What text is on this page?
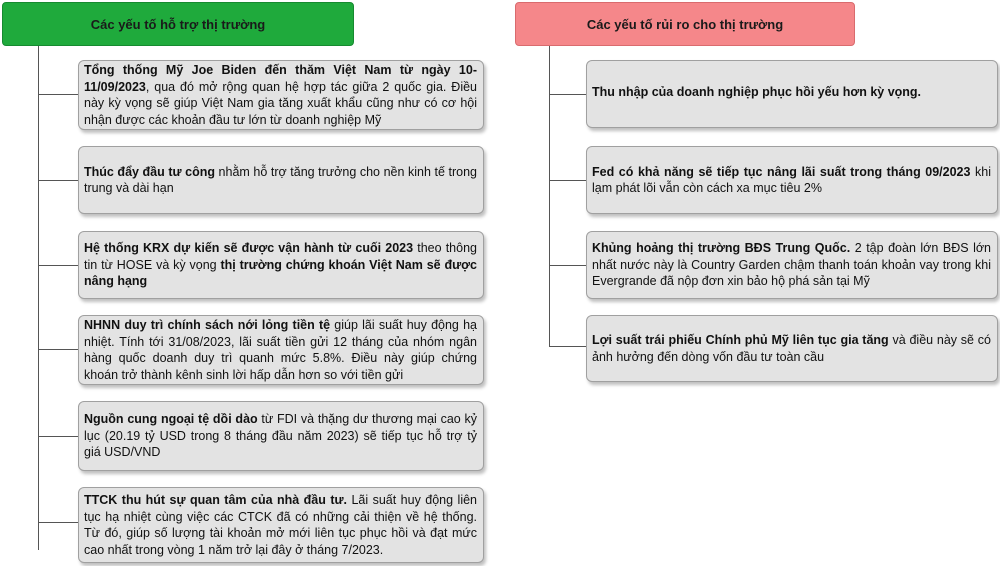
Các yếu tố hỗ trợ thị trường	Các yếu tố rủi ro cho thị trường
Tổng thống Mỹ Joe Biden đến thăm Việt Nam từ ngày 10-11/09/2023, qua đó mở rộng quan hệ hợp tác giữa 2 quốc gia. Điều này kỳ vọng sẽ giúp Việt Nam gia tăng xuất khẩu cũng như có cơ hội nhận được các khoản đầu tư lớn từ doanh nghiệp Mỹ
Thúc đẩy đầu tư công nhằm hỗ trợ tăng trưởng cho nền kinh tế trong trung và dài hạn
Hệ thống KRX dự kiến sẽ được vận hành từ cuối 2023 theo thông tin từ HOSE và kỳ vọng thị trường chứng khoán Việt Nam sẽ được nâng hạng
NHNN duy trì chính sách nới lỏng tiền tệ giúp lãi suất huy động hạ nhiệt. Tính tới 31/08/2023, lãi suất tiền gửi 12 tháng của nhóm ngân hàng quốc doanh duy trì quanh mức 5.8%. Điều này giúp chứng khoán trở thành kênh sinh lời hấp dẫn hơn so với tiền gửi
Nguồn cung ngoại tệ dồi dào từ FDI và thặng dư thương mại cao kỷ lục (20.19 tỷ USD trong 8 tháng đầu năm 2023) sẽ tiếp tục hỗ trợ tỷ giá USD/VND
TTCK thu hút sự quan tâm của nhà đầu tư. Lãi suất huy động liên tục hạ nhiệt cùng việc các CTCK đã có những cải thiện về hệ thống. Từ đó, giúp số lượng tài khoản mở mới liên tục phục hồi và đạt mức cao nhất trong vòng 1 năm trở lại đây ở tháng 7/2023.
Thu nhập của doanh nghiệp phục hồi yếu hơn kỳ vọng.
Fed có khả năng sẽ tiếp tục nâng lãi suất trong tháng 09/2023 khi lạm phát lõi vẫn còn cách xa mục tiêu 2%
Khủng hoảng thị trường BĐS Trung Quốc. 2 tập đoàn lớn BĐS lớn nhất nước này là Country Garden chậm thanh toán khoản vay trong khi Evergrande đã nộp đơn xin bảo hộ phá sản tại Mỹ
Lợi suất trái phiếu Chính phủ Mỹ liên tục gia tăng và điều này sẽ có ảnh hưởng đến dòng vốn đầu tư toàn cầu
